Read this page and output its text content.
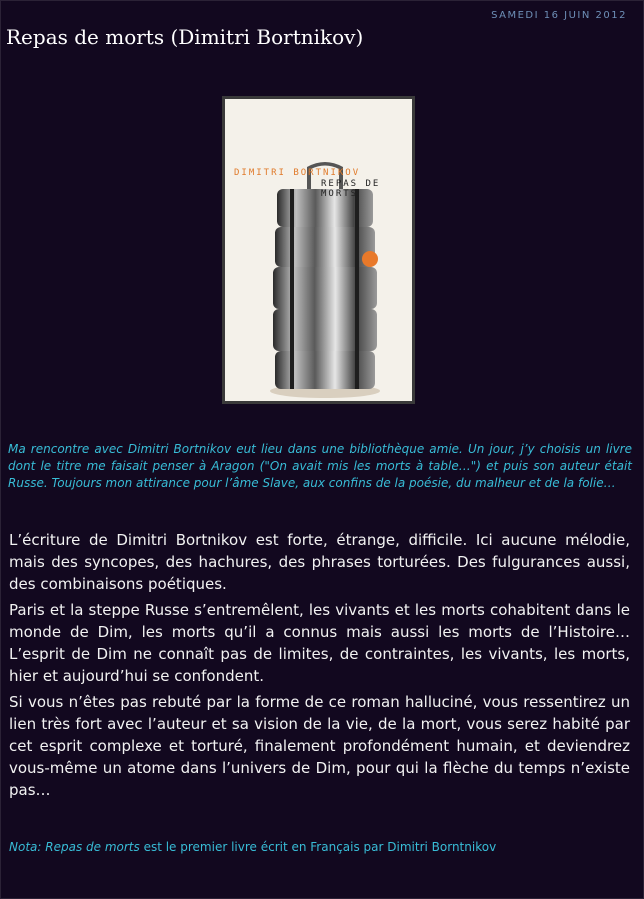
SAMEDI 16 JUIN 2012
Repas de morts (Dimitri Bortnikov)
DIMITRI BORTNIKOV
REPAS DE MORTS

Ma rencontre avec Dimitri Bortnikov eut lieu dans une bibliothèque amie. Un jour, j’y choisis un livre dont le titre me faisait penser à Aragon ("On avait mis les morts à table…") et puis son auteur était Russe. Toujours mon attirance pour l’âme Slave, aux confins de la poésie, du malheur et de la folie…

L’écriture de Dimitri Bortnikov est forte, étrange, difficile. Ici aucune mélodie, mais des syncopes, des hachures, des phrases torturées. Des fulgurances aussi, des combinaisons poétiques.

Paris et la steppe Russe s’entremêlent, les vivants et les morts cohabitent dans le monde de Dim, les morts qu’il a connus mais aussi les morts de l’Histoire… L’esprit de Dim ne connaît pas de limites, de contraintes, les vivants, les morts, hier et aujourd’hui se confondent.

Si vous n’êtes pas rebuté par la forme de ce roman halluciné, vous ressentirez un lien très fort avec l’auteur et sa vision de la vie, de la mort, vous serez habité par cet esprit complexe et torturé, finalement profondément humain, et deviendrez vous-même un atome dans l’univers de Dim, pour qui la flèche du temps n’existe pas…

Nota: Repas de morts est le premier livre écrit en Français par Dimitri Borntnikov
